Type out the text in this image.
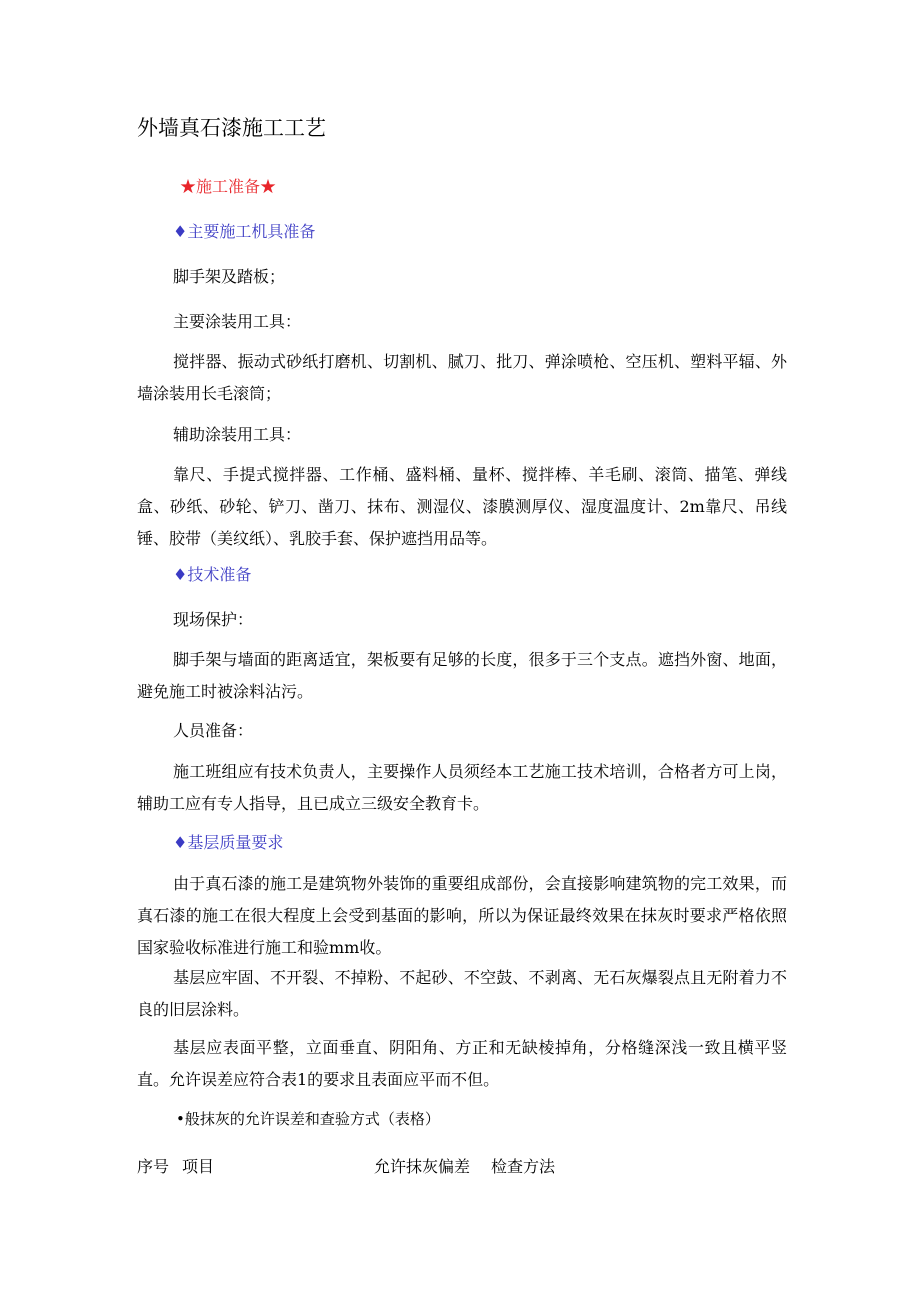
外墙真石漆施工工艺
★施工准备★
♦主要施工机具准备
脚手架及踏板；
主要涂装用工具：

搅拌器、振动式砂纸打磨机、切割机、腻刀、批刀、弹涂喷枪、空压机、塑料平辐、外墙涂装用长毛滚筒；

辅助涂装用工具：

靠尺、手提式搅拌器、工作桶、盛料桶、量杯、搅拌棒、羊毛刷、滚筒、描笔、弹线盒、砂纸、砂轮、铲刀、凿刀、抹布、测湿仪、漆膜测厚仪、湿度温度计、2m靠尺、吊线锤、胶带（美纹纸）、乳胶手套、保护遮挡用品等。

♦技术准备
现场保护：

脚手架与墙面的距离适宜，架板要有足够的长度，很多于三个支点。遮挡外窗、地面，避免施工时被涂料沾污。

人员准备：

施工班组应有技术负责人，主要操作人员须经本工艺施工技术培训，合格者方可上岗，辅助工应有专人指导，且已成立三级安全教育卡。

♦基层质量要求

由于真石漆的施工是建筑物外装饰的重要组成部份，会直接影响建筑物的完工效果，而真石漆的施工在很大程度上会受到基面的影响，所以为保证最终效果在抹灰时要求严格依照国家验收标准进行施工和验mm收。

基层应牢固、不开裂、不掉粉、不起砂、不空鼓、不剥离、无石灰爆裂点且无附着力不良的旧层涂料。

基层应表面平整，立面垂直、阴阳角、方正和无缺棱掉角，分格缝深浅一致且横平竖直。允许误差应符合表1的要求且表面应平而不但。

•般抹灰的允许误差和查验方式（表格）
序号 项目	允许抹灰偏差 检查方法
